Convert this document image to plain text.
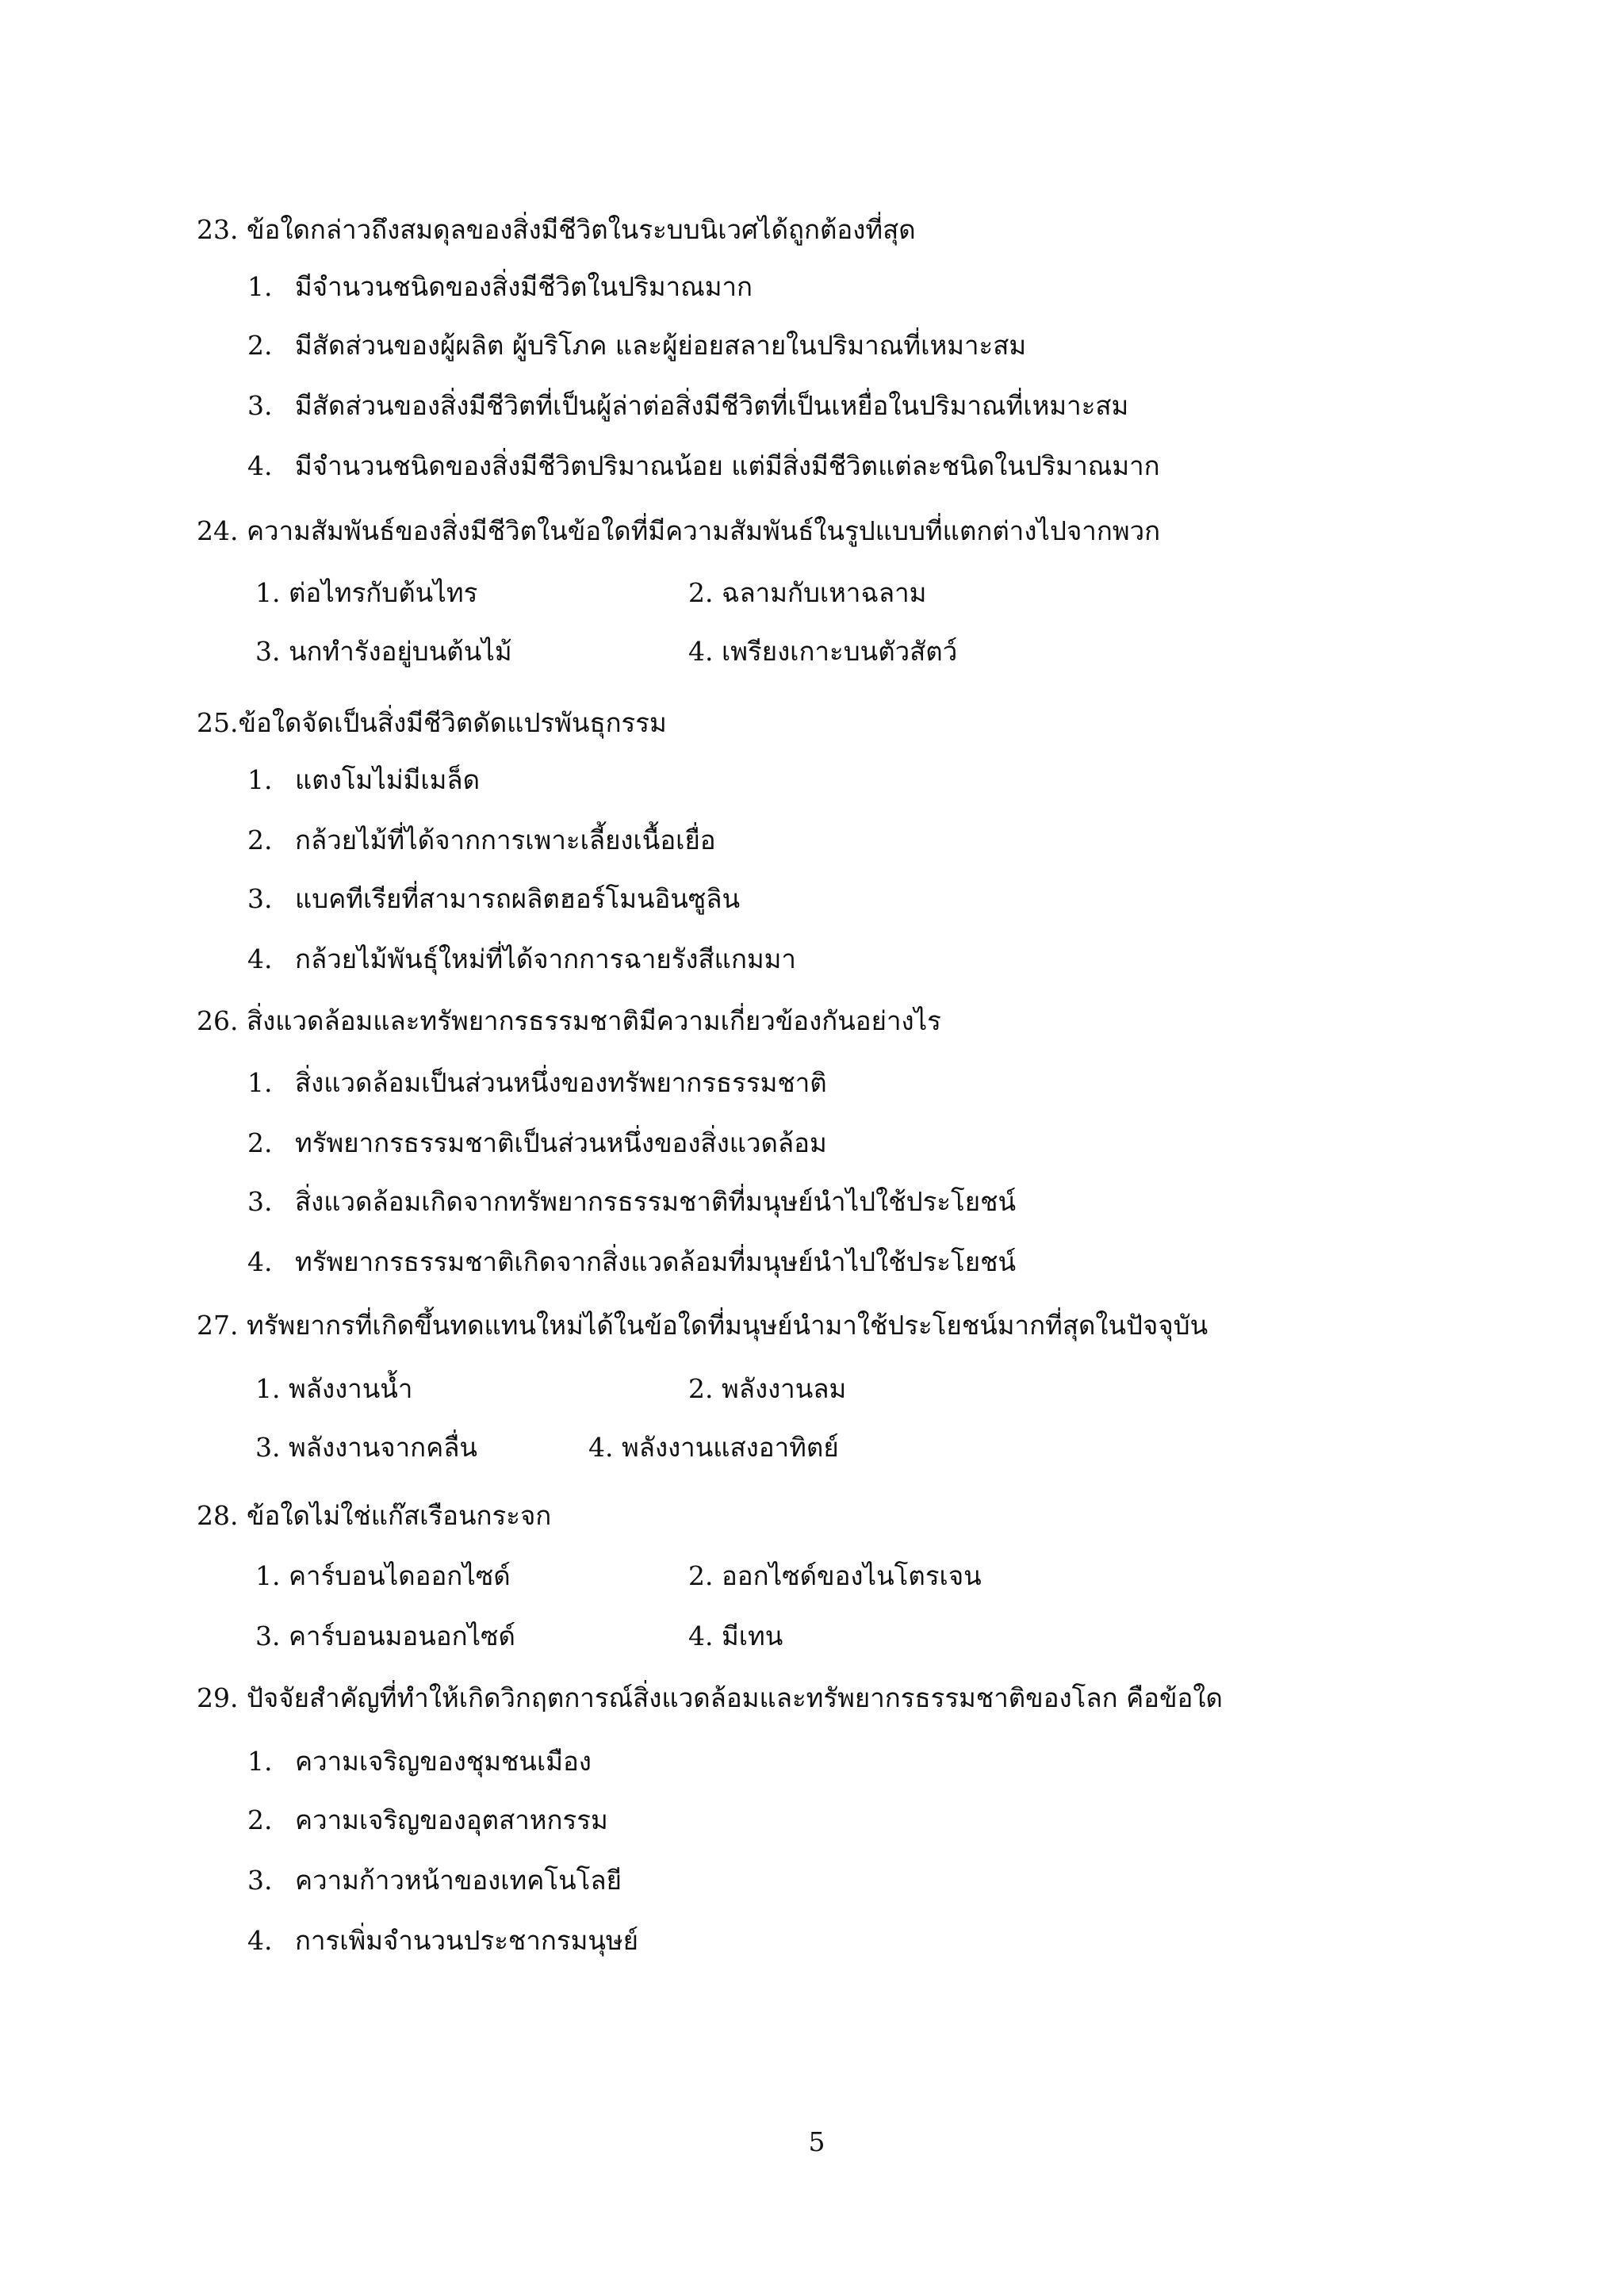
23. ข้อใดกล่าวถึงสมดุลของสิ่งมีชีวิตในระบบนิเวศได้ถูกต้องที่สุด
1. มีจำนวนชนิดของสิ่งมีชีวิตในปริมาณมาก
2. มีสัดส่วนของผู้ผลิต ผู้บริโภค และผู้ย่อยสลายในปริมาณที่เหมาะสม
3. มีสัดส่วนของสิ่งมีชีวิตที่เป็นผู้ล่าต่อสิ่งมีชีวิตที่เป็นเหยื่อในปริมาณที่เหมาะสม
4. มีจำนวนชนิดของสิ่งมีชีวิตปริมาณน้อย แต่มีสิ่งมีชีวิตแต่ละชนิดในปริมาณมาก
24. ความสัมพันธ์ของสิ่งมีชีวิตในข้อใดที่มีความสัมพันธ์ในรูปแบบที่แตกต่างไปจากพวก
1. ต่อไทรกับต้นไทร	2. ฉลามกับเหาฉลาม
3. นกทำรังอยู่บนต้นไม้	4. เพรียงเกาะบนตัวสัตว์
25.ข้อใดจัดเป็นสิ่งมีชีวิตดัดแปรพันธุกรรม
1. แตงโมไม่มีเมล็ด
2. กล้วยไม้ที่ได้จากการเพาะเลี้ยงเนื้อเยื่อ
3. แบคทีเรียที่สามารถผลิตฮอร์โมนอินซูลิน
4. กล้วยไม้พันธุ์ใหม่ที่ได้จากการฉายรังสีแกมมา
26. สิ่งแวดล้อมและทรัพยากรธรรมชาติมีความเกี่ยวข้องกันอย่างไร
1. สิ่งแวดล้อมเป็นส่วนหนึ่งของทรัพยากรธรรมชาติ
2. ทรัพยากรธรรมชาติเป็นส่วนหนึ่งของสิ่งแวดล้อม
3. สิ่งแวดล้อมเกิดจากทรัพยากรธรรมชาติที่มนุษย์นำไปใช้ประโยชน์
4. ทรัพยากรธรรมชาติเกิดจากสิ่งแวดล้อมที่มนุษย์นำไปใช้ประโยชน์
27. ทรัพยากรที่เกิดขึ้นทดแทนใหม่ได้ในข้อใดที่มนุษย์นำมาใช้ประโยชน์มากที่สุดในปัจจุบัน
1. พลังงานน้ำ	2. พลังงานลม
3. พลังงานจากคลื่น	4. พลังงานแสงอาทิตย์
28. ข้อใดไม่ใช่แก๊สเรือนกระจก
1. คาร์บอนไดออกไซด์	2. ออกไซด์ของไนโตรเจน
3. คาร์บอนมอนอกไซด์	4. มีเทน
29. ปัจจัยสำคัญที่ทำให้เกิดวิกฤตการณ์สิ่งแวดล้อมและทรัพยากรธรรมชาติของโลก คือข้อใด
1. ความเจริญของชุมชนเมือง
2. ความเจริญของอุตสาหกรรม
3. ความก้าวหน้าของเทคโนโลยี
4. การเพิ่มจำนวนประชากรมนุษย์
5
